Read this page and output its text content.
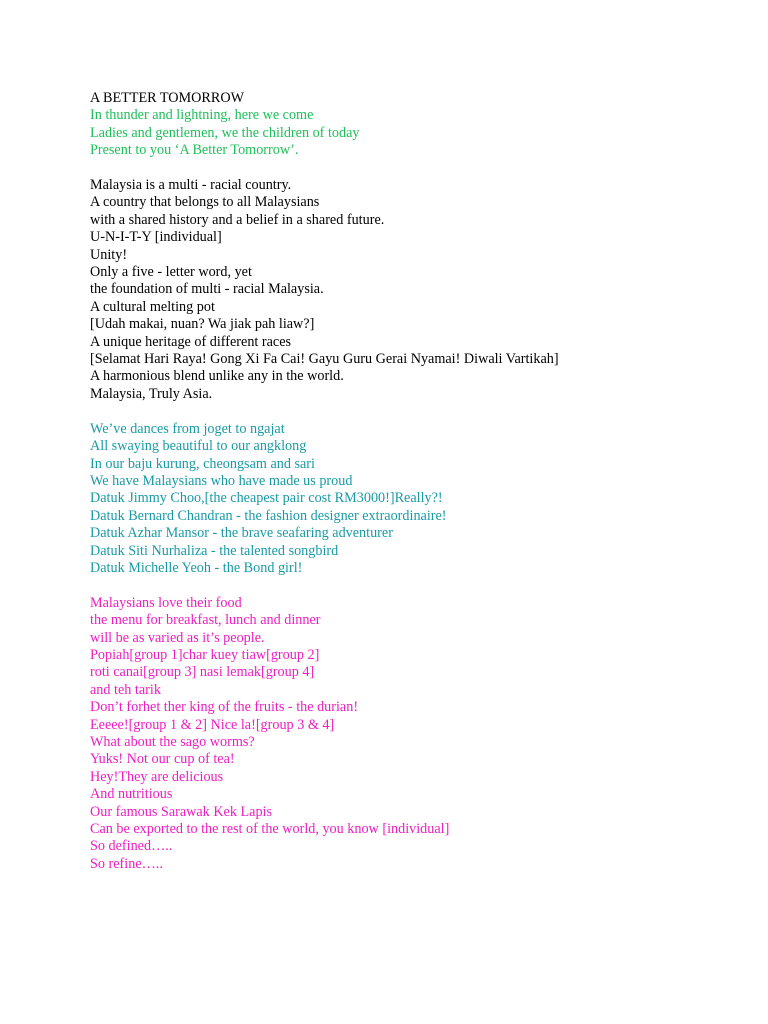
A BETTER TOMORROW
In thunder and lightning, here we come
Ladies and gentlemen, we the children of today
Present to you ‘A Better Tomorrow’.
Malaysia is a multi - racial country.
A country that belongs to all Malaysians
with a shared history and a belief in a shared future.
U-N-I-T-Y [individual]
Unity!
Only a five - letter word, yet
the foundation of multi - racial Malaysia.
A cultural melting pot
[Udah makai, nuan? Wa jiak pah liaw?]
A unique heritage of different races
[Selamat Hari Raya! Gong Xi Fa Cai! Gayu Guru Gerai Nyamai! Diwali Vartikah]
A harmonious blend unlike any in the world.
Malaysia, Truly Asia.
We’ve dances from joget to ngajat
All swaying beautiful to our angklong
In our baju kurung, cheongsam and sari
We have Malaysians who have made us proud
Datuk Jimmy Choo,[the cheapest pair cost RM3000!]Really?!
Datuk Bernard Chandran - the fashion designer extraordinaire!
Datuk Azhar Mansor - the brave seafaring adventurer
Datuk Siti Nurhaliza - the talented songbird
Datuk Michelle Yeoh - the Bond girl!
Malaysians love their food
the menu for breakfast, lunch and dinner
will be as varied as it’s people.
Popiah[group 1]char kuey tiaw[group 2]
roti canai[group 3] nasi lemak[group 4]
and teh tarik
Don’t forhet ther king of the fruits - the durian!
Eeeee![group 1 & 2] Nice la![group 3 & 4]
What about the sago worms?
Yuks! Not our cup of tea!
Hey!They are delicious
And nutritious
Our famous Sarawak Kek Lapis
Can be exported to the rest of the world, you know [individual]
So defined…..
So refine…..
